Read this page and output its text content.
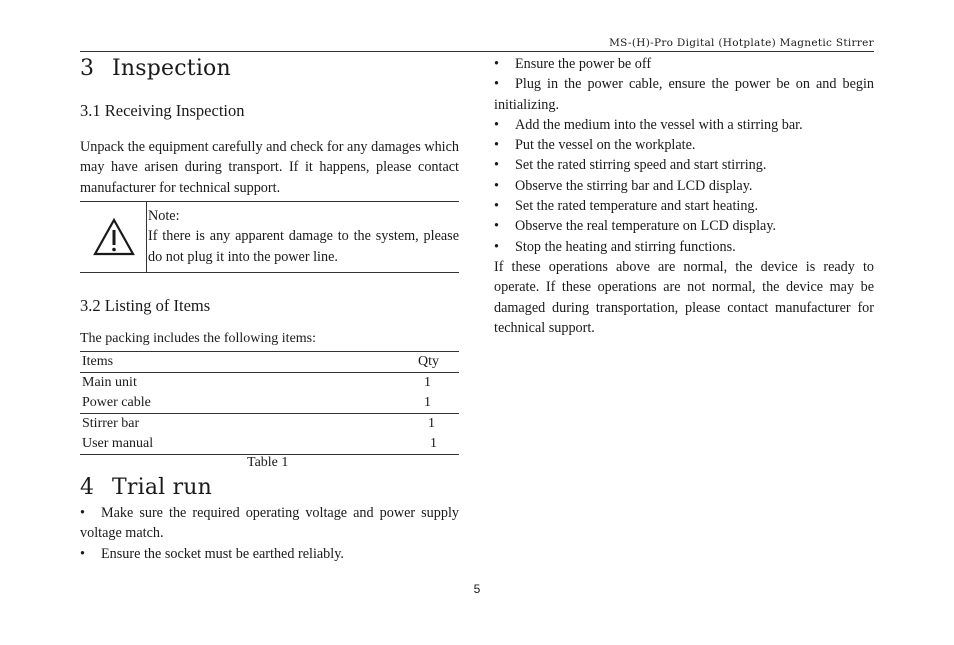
MS-(H)-Pro Digital (Hotplate) Magnetic Stirrer
3 Inspection
3.1 Receiving Inspection
Unpack the equipment carefully and check for any damages which may have arisen during transport. If it happens, please contact manufacturer for technical support.
Note:
If there is any apparent damage to the system, please do not plug it into the power line.
3.2 Listing of Items
The packing includes the following items:
Items	Qty
Main unit	1
Power cable	1
Stirrer bar	1
User manual	1
Table 1
4 Trial run
• Make sure the required operating voltage and power supply voltage match.
• Ensure the socket must be earthed reliably.
• Ensure the power be off
• Plug in the power cable, ensure the power be on and begin initializing.
• Add the medium into the vessel with a stirring bar.
• Put the vessel on the workplate.
• Set the rated stirring speed and start stirring.
• Observe the stirring bar and LCD display.
• Set the rated temperature and start heating.
• Observe the real temperature on LCD display.
• Stop the heating and stirring functions.
If these operations above are normal, the device is ready to operate. If these operations are not normal, the device may be damaged during transportation, please contact manufacturer for technical support.
5
